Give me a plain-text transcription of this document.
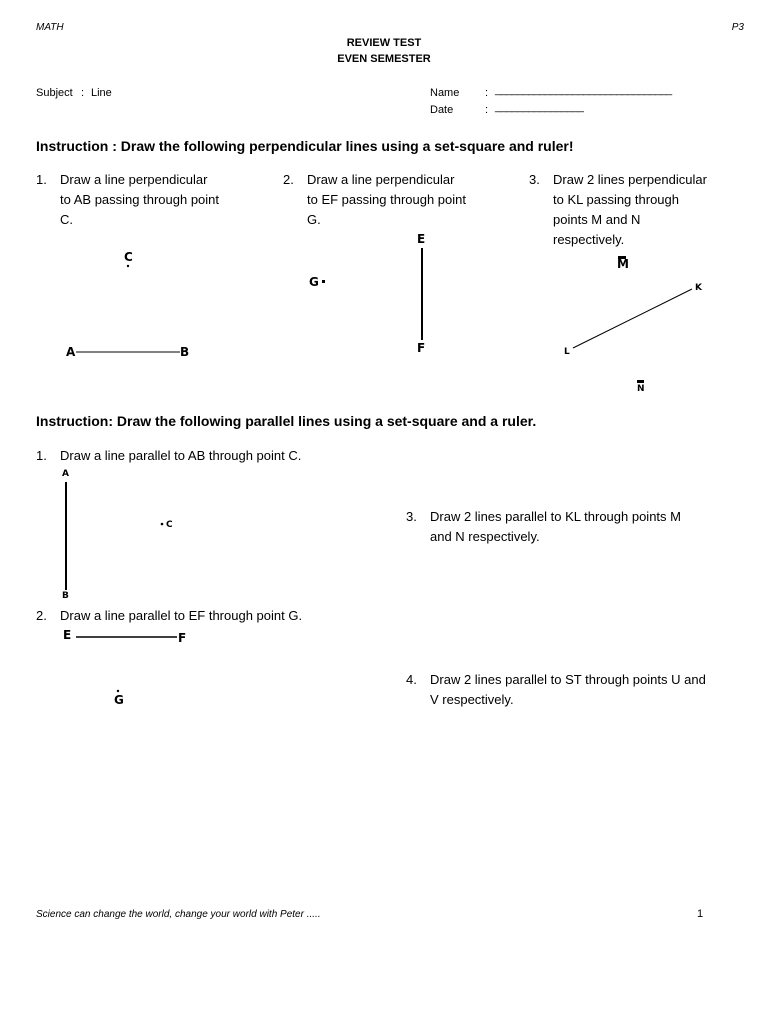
MATH	P3
REVIEW TEST
EVEN SEMESTER
Subject : Line	Name : ________________________________
Date	: ________________
Instruction : Draw the following perpendicular lines using a set-square and ruler!
1. Draw a line perpendicular
to AB passing through point
C.
2. Draw a line perpendicular
to EF passing through point
G.
3. Draw 2 lines perpendicular
to KL passing through
points M and N
respectively.
A	B
C
E
F
G	K
L
M
N
Instruction: Draw the following parallel lines using a set-square and a ruler.
1. Draw a line parallel to AB through point C.
2. Draw a line parallel to EF through point G.
3. Draw 2 lines parallel to KL through points M
and N respectively.
4. Draw 2 lines parallel to ST through points U and
V respectively.
A
B
C
E	F
G
Science can change the world, change your world with Peter .....	1
